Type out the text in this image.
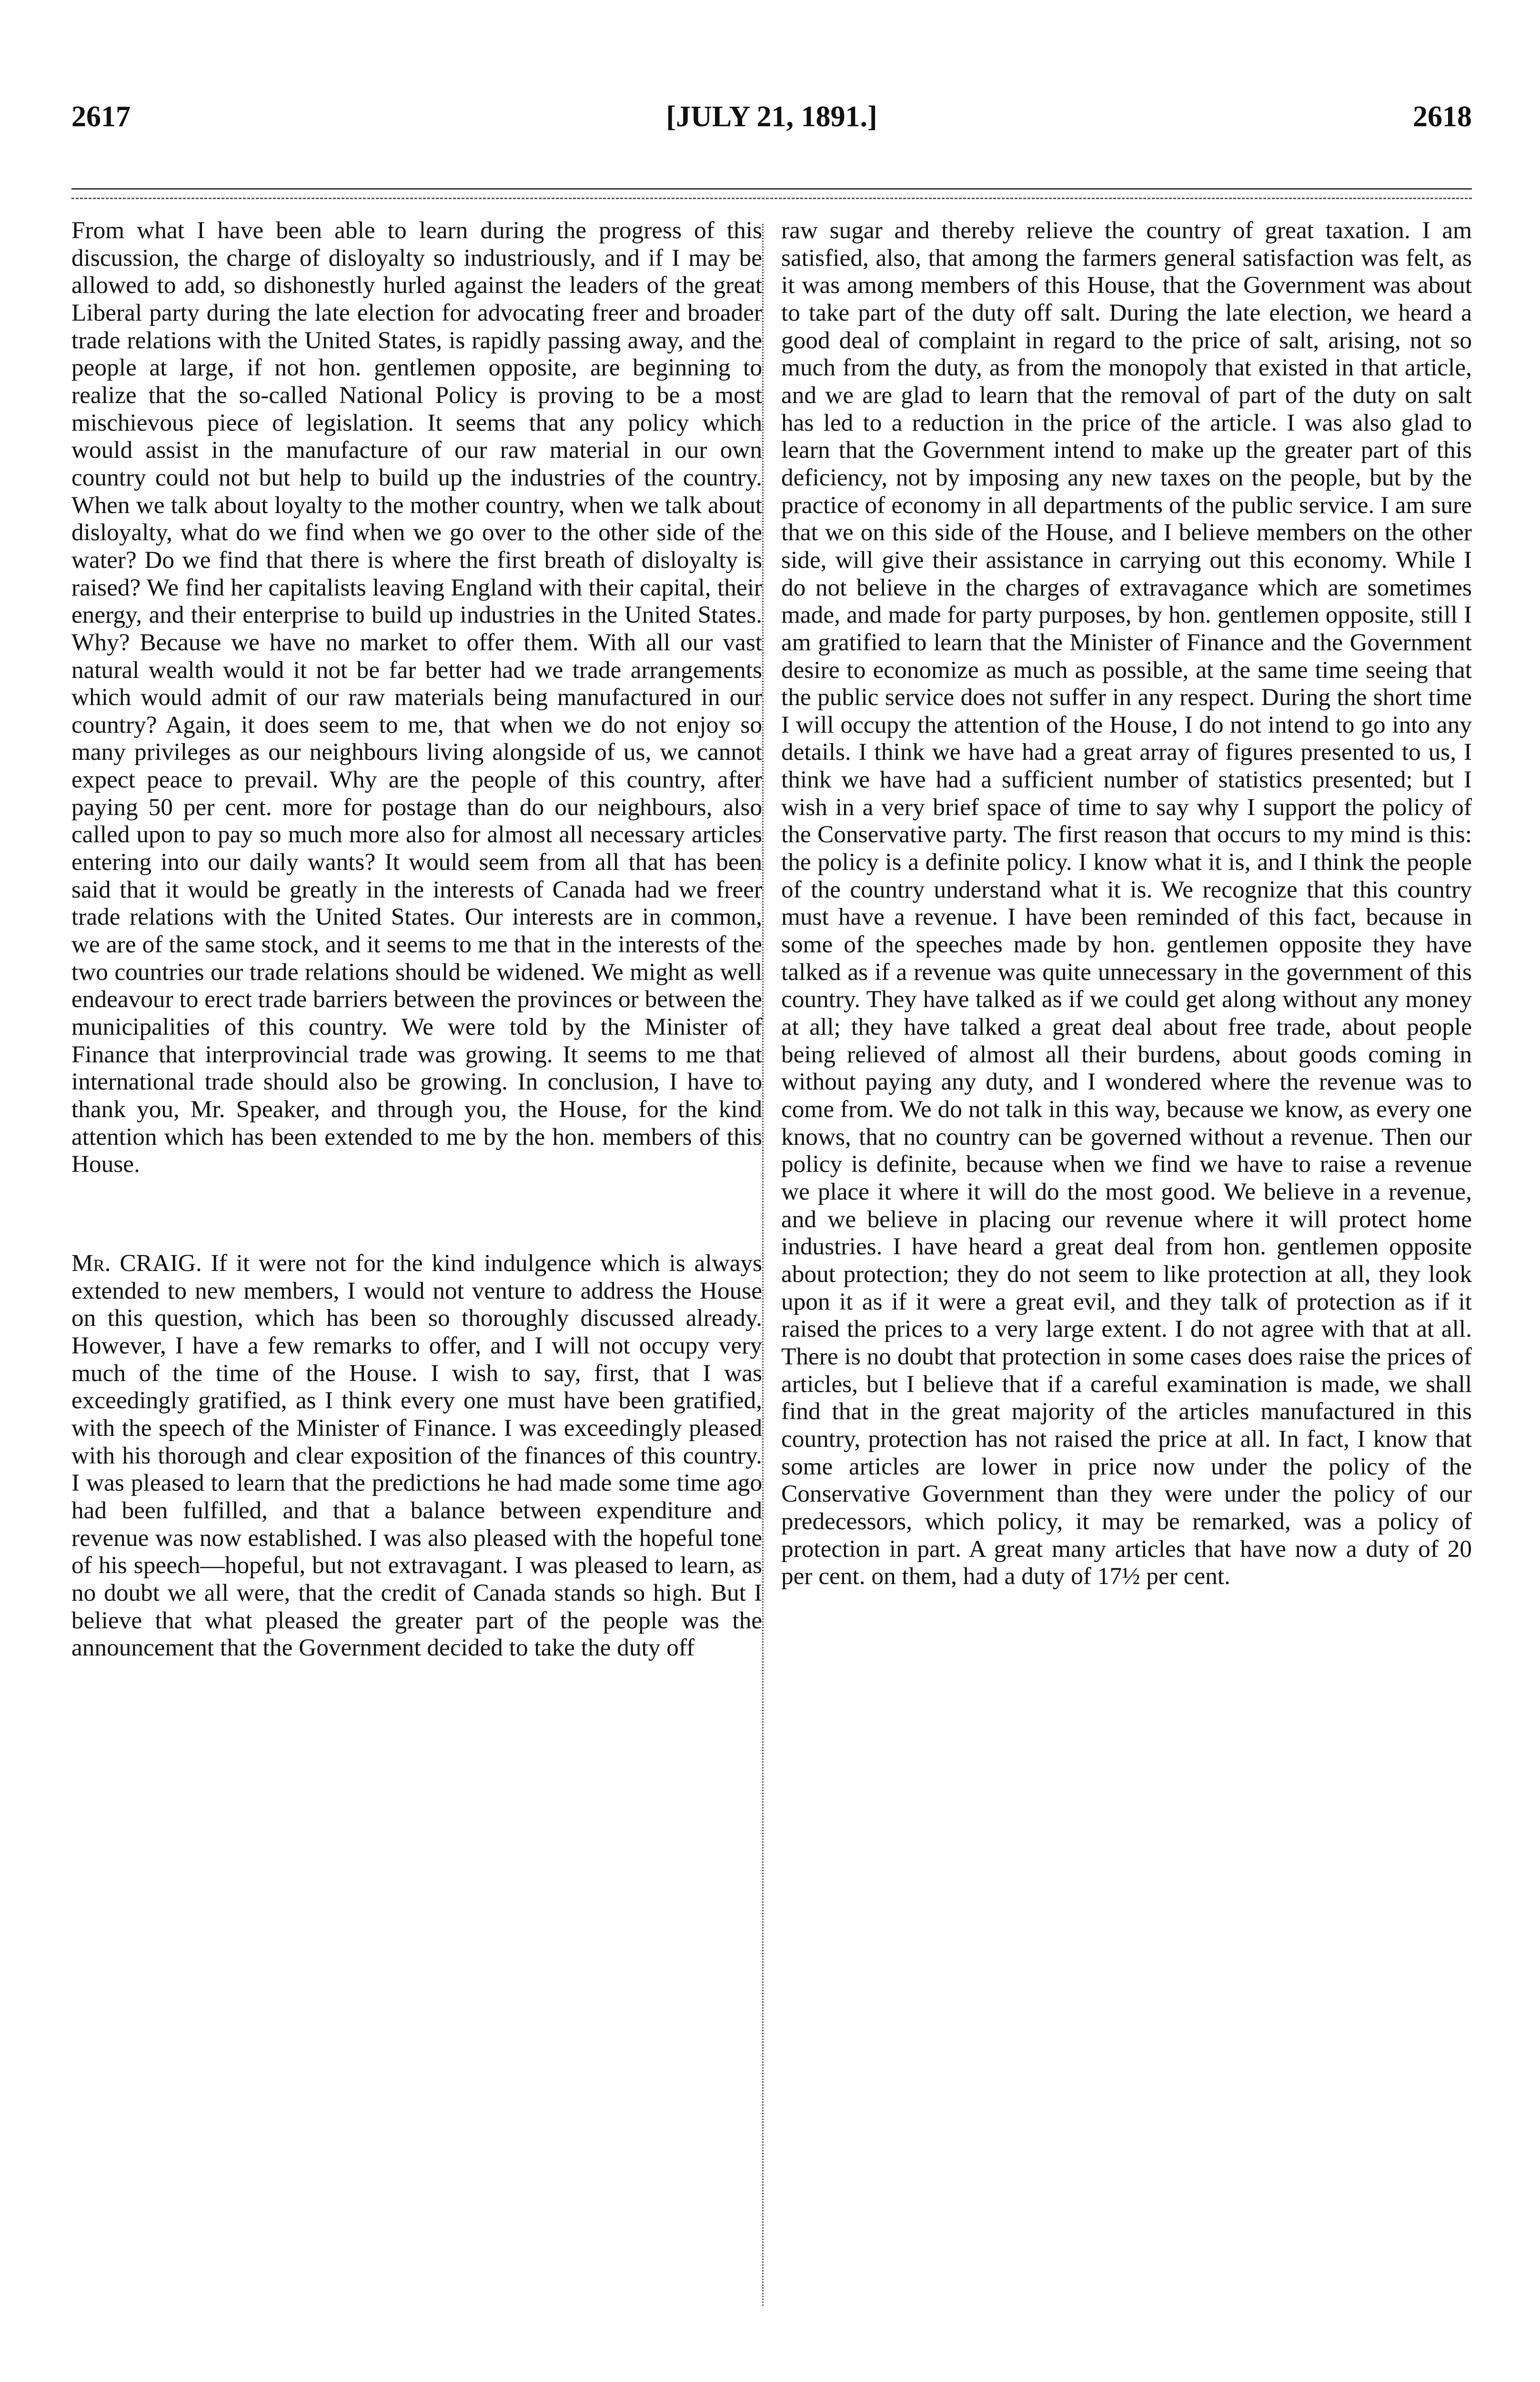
2617	[JULY 21, 1891.]	2618

From what I have been able to learn during the progress of this discussion, the charge of disloyalty so industriously, and if I may be allowed to add, so dishonestly hurled against the leaders of the great Liberal party during the late election for advocating freer and broader trade relations with the United States, is rapidly passing away, and the people at large, if not hon. gentlemen opposite, are beginning to realize that the so-called National Policy is proving to be a most mischievous piece of legislation. It seems that any policy which would assist in the manufacture of our raw material in our own country could not but help to build up the industries of the country. When we talk about loyalty to the mother country, when we talk about disloyalty, what do we find when we go over to the other side of the water? Do we find that there is where the first breath of disloyalty is raised? We find her capitalists leaving England with their capital, their energy, and their enterprise to build up industries in the United States. Why? Because we have no market to offer them. With all our vast natural wealth would it not be far better had we trade arrangements which would admit of our raw materials being manufactured in our country? Again, it does seem to me, that when we do not enjoy so many privileges as our neighbours living alongside of us, we cannot expect peace to prevail. Why are the people of this country, after paying 50 per cent. more for postage than do our neighbours, also called upon to pay so much more also for almost all necessary articles entering into our daily wants? It would seem from all that has been said that it would be greatly in the interests of Canada had we freer trade relations with the United States. Our interests are in common, we are of the same stock, and it seems to me that in the interests of the two countries our trade relations should be widened. We might as well endeavour to erect trade barriers between the provinces or between the municipalities of this country. We were told by the Minister of Finance that interprovincial trade was growing. It seems to me that international trade should also be growing. In conclusion, I have to thank you, Mr. Speaker, and through you, the House, for the kind attention which has been extended to me by the hon. members of this House.

Mr. CRAIG. If it were not for the kind indulgence which is always extended to new members, I would not venture to address the House on this question, which has been so thoroughly discussed already. However, I have a few remarks to offer, and I will not occupy very much of the time of the House. I wish to say, first, that I was exceedingly gratified, as I think every one must have been gratified, with the speech of the Minister of Finance. I was exceedingly pleased with his thorough and clear exposition of the finances of this country. I was pleased to learn that the predictions he had made some time ago had been fulfilled, and that a balance between expenditure and revenue was now established. I was also pleased with the hopeful tone of his speech—hopeful, but not extravagant. I was pleased to learn, as no doubt we all were, that the credit of Canada stands so high. But I believe that what pleased the greater part of the people was the announcement that the Government decided to take the duty off

raw sugar and thereby relieve the country of great taxation. I am satisfied, also, that among the farmers general satisfaction was felt, as it was among members of this House, that the Government was about to take part of the duty off salt. During the late election, we heard a good deal of complaint in regard to the price of salt, arising, not so much from the duty, as from the monopoly that existed in that article, and we are glad to learn that the removal of part of the duty on salt has led to a reduction in the price of the article. I was also glad to learn that the Government intend to make up the greater part of this deficiency, not by imposing any new taxes on the people, but by the practice of economy in all departments of the public service. I am sure that we on this side of the House, and I believe members on the other side, will give their assistance in carrying out this economy. While I do not believe in the charges of extravagance which are sometimes made, and made for party purposes, by hon. gentlemen opposite, still I am gratified to learn that the Minister of Finance and the Government desire to economize as much as possible, at the same time seeing that the public service does not suffer in any respect. During the short time I will occupy the attention of the House, I do not intend to go into any details. I think we have had a great array of figures presented to us, I think we have had a sufficient number of statistics presented; but I wish in a very brief space of time to say why I support the policy of the Conservative party. The first reason that occurs to my mind is this: the policy is a definite policy. I know what it is, and I think the people of the country understand what it is. We recognize that this country must have a revenue. I have been reminded of this fact, because in some of the speeches made by hon. gentlemen opposite they have talked as if a revenue was quite unnecessary in the government of this country. They have talked as if we could get along without any money at all; they have talked a great deal about free trade, about people being relieved of almost all their burdens, about goods coming in without paying any duty, and I wondered where the revenue was to come from. We do not talk in this way, because we know, as every one knows, that no country can be governed without a revenue. Then our policy is definite, because when we find we have to raise a revenue we place it where it will do the most good. We believe in a revenue, and we believe in placing our revenue where it will protect home industries. I have heard a great deal from hon. gentlemen opposite about protection; they do not seem to like protection at all, they look upon it as if it were a great evil, and they talk of protection as if it raised the prices to a very large extent. I do not agree with that at all. There is no doubt that protection in some cases does raise the prices of articles, but I believe that if a careful examination is made, we shall find that in the great majority of the articles manufactured in this country, protection has not raised the price at all. In fact, I know that some articles are lower in price now under the policy of the Conservative Government than they were under the policy of our predecessors, which policy, it may be remarked, was a policy of protection in part. A great many articles that have now a duty of 20 per cent. on them, had a duty of 17½ per cent.
